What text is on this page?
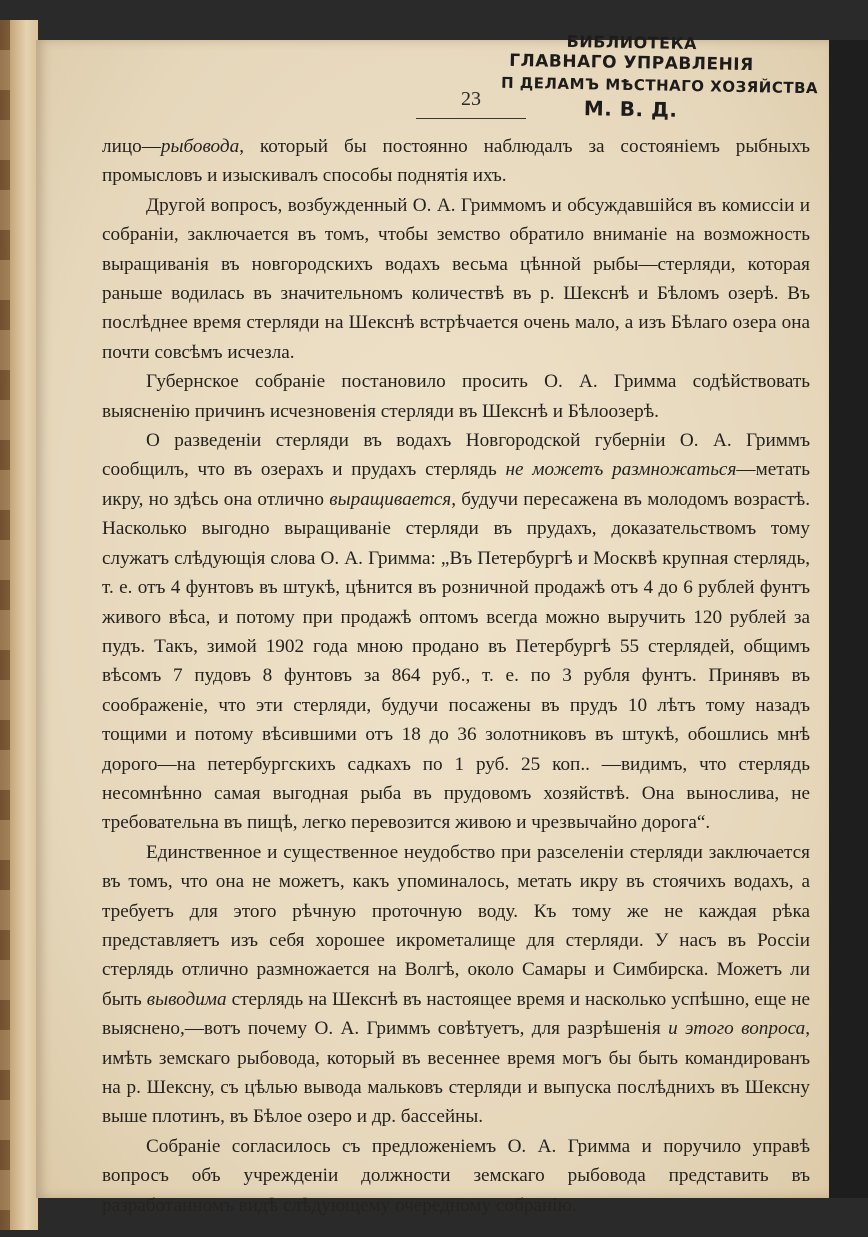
23
БИБЛИОТЕКА
ГЛАВНАГО УПРАВЛЕНIЯ
П ДЕЛАМЪ МѢСТНАГО ХОЗЯЙСТВА
М. В. Д.

лицо—рыбовода, который бы постоянно наблюдалъ за состоянiемъ рыбныхъ промысловъ и изыскивалъ способы поднятiя ихъ.

Другой вопросъ, возбужденный О. А. Гриммомъ и обсуждавшiйся въ комиссiи и собранiи, заключается въ томъ, чтобы земство обратило вниманiе на возможность выращиванiя въ новгородскихъ водахъ весьма цѣнной рыбы—стерляди, которая раньше водилась въ значительномъ количествѣ въ р. Шекснѣ и Бѣломъ озерѣ. Въ послѣднее время стерляди на Шекснѣ встрѣчается очень мало, а изъ Бѣлаго озера она почти совсѣмъ исчезла.

Губернское собранiе постановило просить О. А. Гримма содѣйствовать выясненiю причинъ исчезновенiя стерляди въ Шекснѣ и Бѣлоозерѣ.

О разведенiи стерляди въ водахъ Новгородской губернiи О. А. Гриммъ сообщилъ, что въ озерахъ и прудахъ стерлядь не можетъ размножаться—метать икру, но здѣсь она отлично выращивается, будучи пересажена въ молодомъ возрастѣ. Насколько выгодно выращиванiе стерляди въ прудахъ, доказательствомъ тому служатъ слѣдующiя слова О. А. Гримма: „Въ Петербургѣ и Москвѣ крупная стерлядь, т. е. отъ 4 фунтовъ въ штукѣ, цѣнится въ розничной продажѣ отъ 4 до 6 рублей фунтъ живого вѣса, и потому при продажѣ оптомъ всегда можно выручить 120 рублей за пудъ. Такъ, зимой 1902 года мною продано въ Петербургѣ 55 стерлядей, общимъ вѣсомъ 7 пудовъ 8 фунтовъ за 864 руб., т. е. по 3 рубля фунтъ. Принявъ въ соображенiе, что эти стерляди, будучи посажены въ прудъ 10 лѣтъ тому назадъ тощими и потому вѣсившими отъ 18 до 36 золотниковъ въ штукѣ, обошлись мнѣ дорого—на петербургскихъ садкахъ по 1 руб. 25 коп.. —видимъ, что стерлядь несомнѣнно самая выгодная рыба въ прудовомъ хозяйствѣ. Она вынослива, не требовательна въ пищѣ, легко перевозится живою и чрезвычайно дорога“.

Единственное и существенное неудобство при разселенiи стерляди заключается въ томъ, что она не можетъ, какъ упоминалось, метать икру въ стоячихъ водахъ, а требуетъ для этого рѣчную проточную воду. Къ тому же не каждая рѣка представляетъ изъ себя хорошее икрометалище для стерляди. У насъ въ Россiи стерлядь отлично размножается на Волгѣ, около Самары и Симбирска. Можетъ ли быть выводима стерлядь на Шекснѣ въ настоящее время и насколько успѣшно, еще не выяснено,—вотъ почему О. А. Гриммъ совѣтуетъ, для разрѣшенiя и этого вопроса, имѣть земскаго рыбовода, который въ весеннее время могъ бы быть командированъ на р. Шексну, съ цѣлью вывода мальковъ стерляди и выпуска послѣднихъ въ Шексну выше плотинъ, въ Бѣлое озеро и др. бассейны.

Собранiе согласилось съ предложенiемъ О. А. Гримма и поручило управѣ вопросъ объ учрежденiи должности земскаго рыбовода представить въ разработанномъ видѣ слѣдующему очередному собранiю.
